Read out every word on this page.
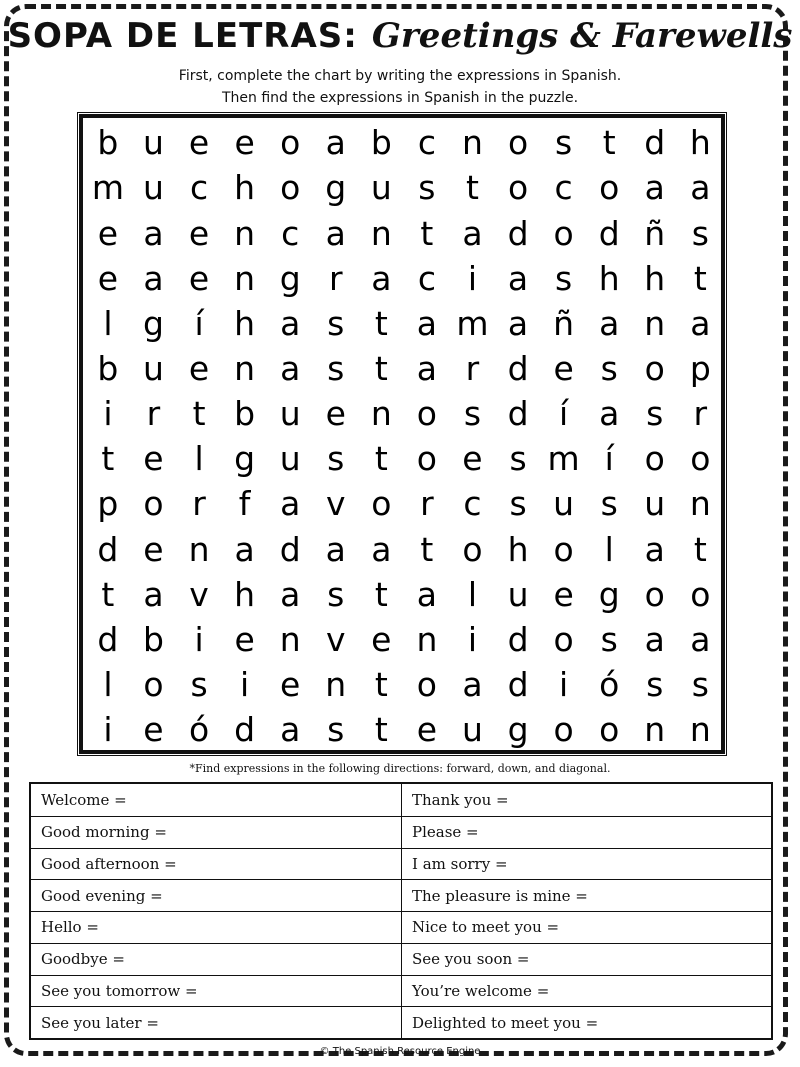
SOPA DE LETRAS: Greetings & Farewells
First, complete the chart by writing the expressions in Spanish.
Then find the expressions in Spanish in the puzzle.
b u e e o a b c n o s t d h
m u c h o g u s t o c o a a
e a e n c a n t a d o d ñ s
e a e n g r a c i a s h h t
l g í h a s t a m a ñ a n a
b u e n a s t a r d e s o p
i	r t b u e n o s d í a s r
t e l g u s t o e s m í o o
p o r f a v o r c s u s u n
d e n a d a a t o h o l a t
t a v h a s t a l u e g o o
d b i e n v e n i d o s a a
l o s i e n t o a d i ó s s
i e ó d a s t e u g o o n n
*Find expressions in the following directions: forward, down, and diagonal.
Welcome =	Thank you =
Good morning =	Please =
Good afternoon =	I am sorry =
Good evening =	The pleasure is mine =
Hello =	Nice to meet you =
Goodbye =	See you soon =
See you tomorrow =	You’re welcome =
See you later =	Delighted to meet you =
© The Spanish Resource Engine
